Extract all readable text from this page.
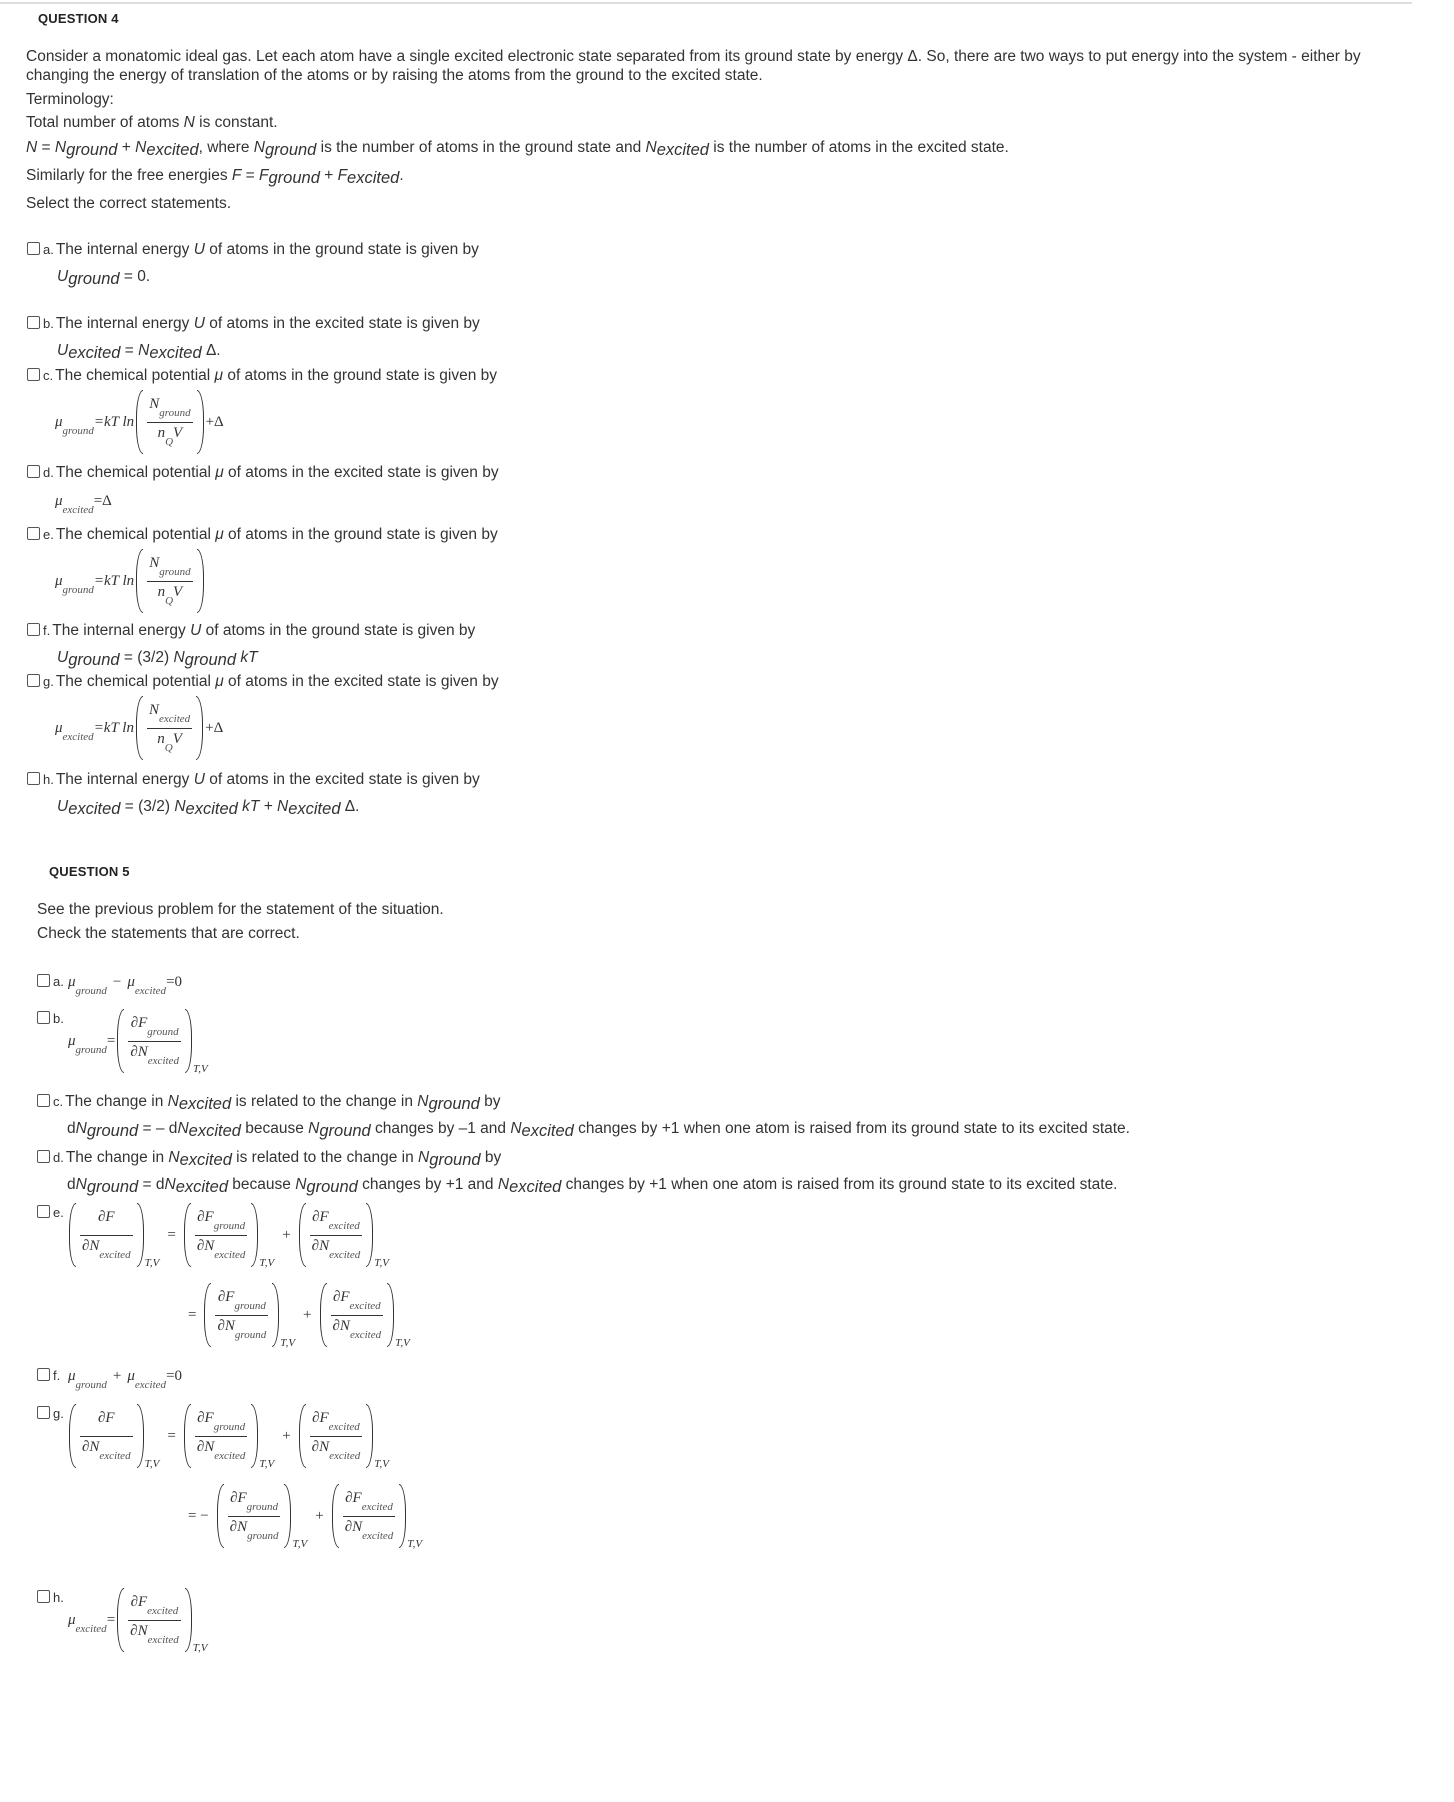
QUESTION 4
Consider a monatomic ideal gas. Let each atom have a single excited electronic state separated from its ground state by energy Δ. So, there are two ways to put energy into the system - either by changing the energy of translation of the atoms or by raising the atoms from the ground to the excited state.
Terminology:
Total number of atoms N is constant.
N = Nground + Nexcited, where Nground is the number of atoms in the ground state and Nexcited is the number of atoms in the excited state.
Similarly for the free energies F = Fground + Fexcited.
Select the correct statements.
a. The internal energy U of atoms in the ground state is given by
Uground = 0.
b. The internal energy U of atoms in the excited state is given by
Uexcited = Nexcited Δ.
c. The chemical potential μ of atoms in the ground state is given by
μ
ground
=kT ln N
ground
n
Q
V +Δ
d. The chemical potential μ of atoms in the excited state is given by
μ
excited
=Δ
e. The chemical potential μ of atoms in the ground state is given by
μ
ground
=kT ln N
ground
n
Q
V
f. The internal energy U of atoms in the ground state is given by
Uground = (3/2) Nground kT
g. The chemical potential μ of atoms in the excited state is given by
μ
excited
=kT ln N
excited
n
Q
V +Δ
h. The internal energy U of atoms in the excited state is given by
Uexcited = (3/2) Nexcited kT + Nexcited Δ.
QUESTION 5
See the previous problem for the statement of the situation.
Check the statements that are correct.
a. μ
ground
− μ
excited
=0
b.
μ
ground
= ∂F
ground
∂N
excited T,V
c. The change in Nexcited is related to the change in Nground by
dNground = – dNexcited because Nground changes by –1 and Nexcited changes by +1 when one atom is raised from its ground state to its excited state.
d. The change in Nexcited is related to the change in Nground by
dNground = dNexcited because Nground changes by +1 and Nexcited changes by +1 when one atom is raised from its ground state to its excited state.
e. ∂F
∂N
excited T,V
= ∂F
ground
∂N
excited T,V
+ ∂F
excited
∂N
excited T,V
= ∂F
ground
∂N
ground T,V
+ ∂F
excited
∂N
excited T,V
f. μ
ground
+ μ
excited
=0
g. ∂F
∂N
excited T,V
= ∂F
ground
∂N
excited T,V
+ ∂F
excited
∂N
excited T,V
= − ∂F
ground
∂N
ground T,V
+ ∂F
excited
∂N
excited T,V
h.
μ
excited
= ∂F
excited
∂N
excited T,V
